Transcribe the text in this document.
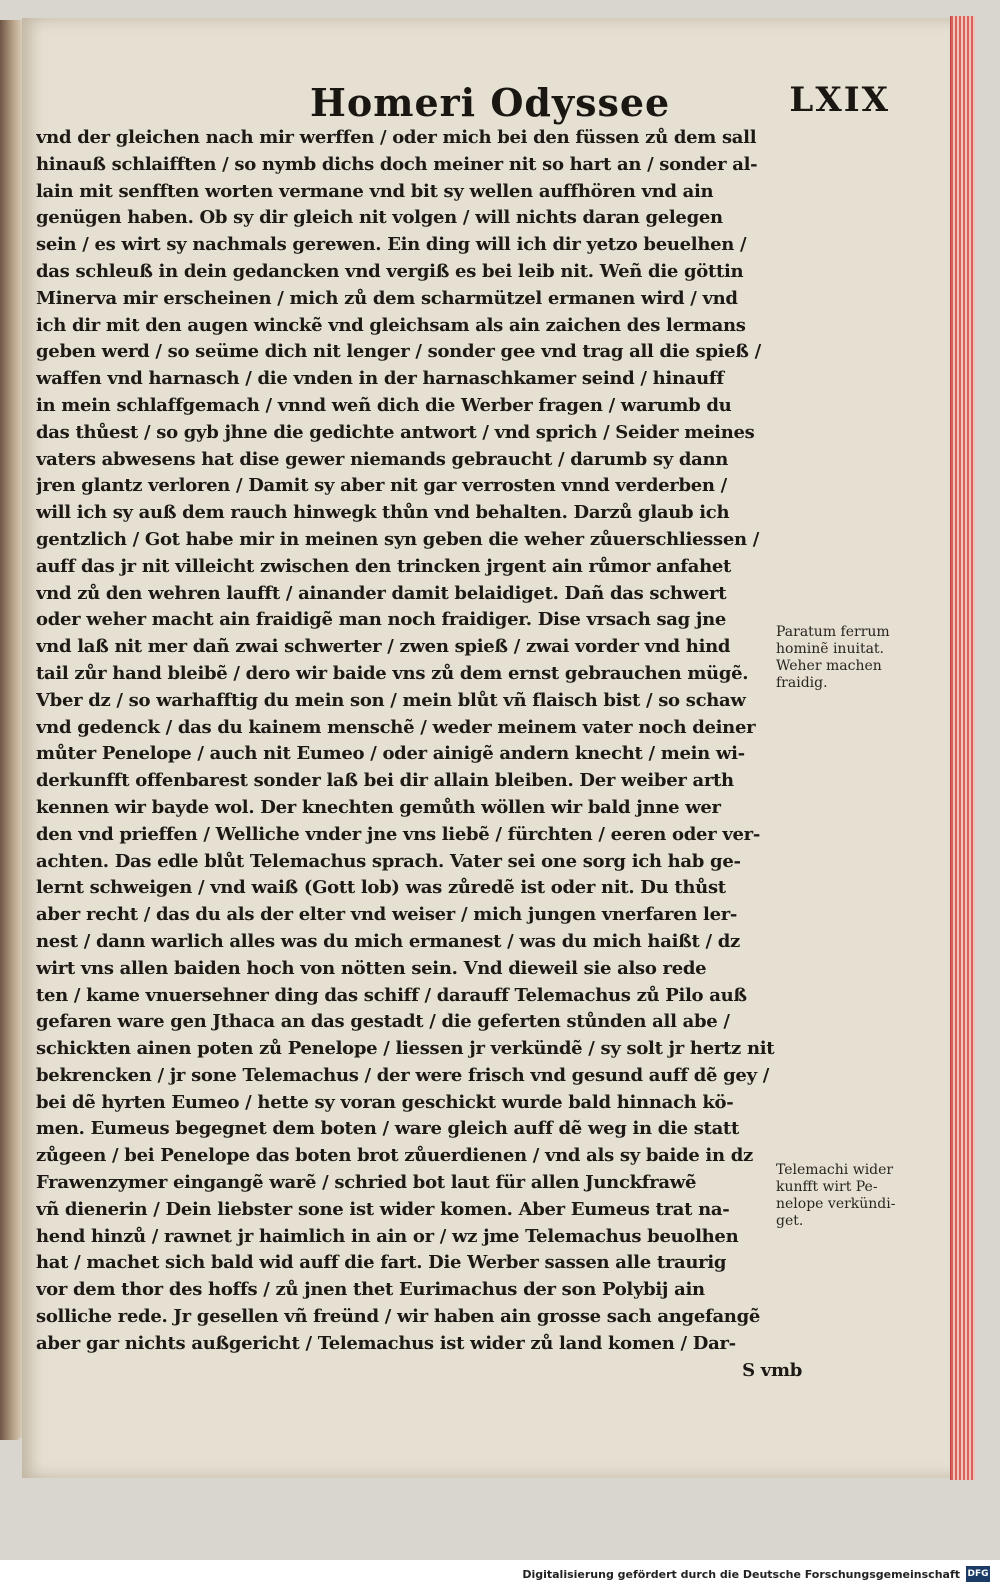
Homeri Odyssee	LXIX
vnd der gleichen nach mir werffen / oder mich bei den füssen zů dem sall
hinauß schlaifften / so nymb dichs doch meiner nit so hart an / sonder al-
lain mit senfften worten vermane vnd bit sy wellen auffhören vnd ain
genügen haben. Ob sy dir gleich nit volgen / will nichts daran gelegen
sein / es wirt sy nachmals gerewen. Ein ding will ich dir yetzo beuelhen /
das schleuß in dein gedancken vnd vergiß es bei leib nit. Weñ die göttin
Minerva mir erscheinen / mich zů dem scharmützel ermanen wird / vnd
ich dir mit den augen winckẽ vnd gleichsam als ain zaichen des lermans
geben werd / so seüme dich nit lenger / sonder gee vnd trag all die spieß /
waffen vnd harnasch / die vnden in der harnaschkamer seind / hinauff
in mein schlaffgemach / vnnd weñ dich die Werber fragen / warumb du
das thůest / so gyb jhne die gedichte antwort / vnd sprich / Seider meines
vaters abwesens hat dise gewer niemands gebraucht / darumb sy dann
jren glantz verloren / Damit sy aber nit gar verrosten vnnd verderben /
will ich sy auß dem rauch hinwegk thůn vnd behalten. Darzů glaub ich
gentzlich / Got habe mir in meinen syn geben die weher zůuerschliessen /
auff das jr nit villeicht zwischen den trincken jrgent ain růmor anfahet
vnd zů den wehren laufft / ainander damit belaidiget. Dañ das schwert
oder weher macht ain fraidigẽ man noch fraidiger. Dise vrsach sag jne
vnd laß nit mer dañ zwai schwerter / zwen spieß / zwai vorder vnd hind
tail zůr hand bleibẽ / dero wir baide vns zů dem ernst gebrauchen mügẽ.
Vber dz / so warhafftig du mein son / mein blůt vñ flaisch bist / so schaw
vnd gedenck / das du kainem menschẽ / weder meinem vater noch deiner
můter Penelope / auch nit Eumeo / oder ainigẽ andern knecht / mein wi-
derkunfft offenbarest sonder laß bei dir allain bleiben. Der weiber arth
kennen wir bayde wol. Der knechten gemůth wöllen wir bald jnne wer
den vnd prieffen / Welliche vnder jne vns liebẽ / fürchten / eeren oder ver-
achten. Das edle blůt Telemachus sprach. Vater sei one sorg ich hab ge-
lernt schweigen / vnd waiß (Gott lob) was zůredẽ ist oder nit. Du thůst
aber recht / das du als der elter vnd weiser / mich jungen vnerfaren ler-
nest / dann warlich alles was du mich ermanest / was du mich haißt / dz
wirt vns allen baiden hoch von nötten sein. Vnd dieweil sie also rede
ten / kame vnuersehner ding das schiff / darauff Telemachus zů Pilo auß
gefaren ware gen Jthaca an das gestadt / die geferten stůnden all abe /
schickten ainen poten zů Penelope / liessen jr verkündẽ / sy solt jr hertz nit
bekrencken / jr sone Telemachus / der were frisch vnd gesund auff dẽ gey /
bei dẽ hyrten Eumeo / hette sy voran geschickt wurde bald hinnach kö-
men. Eumeus begegnet dem boten / ware gleich auff dẽ weg in die statt
zůgeen / bei Penelope das boten brot zůuerdienen / vnd als sy baide in dz
Frawenzymer eingangẽ warẽ / schried bot laut für allen Junckfrawẽ
vñ dienerin / Dein liebster sone ist wider komen. Aber Eumeus trat na-
hend hinzů / rawnet jr haimlich in ain or / wz jme Telemachus beuolhen
hat / machet sich bald wid auff die fart. Die Werber sassen alle traurig
vor dem thor des hoffs / zů jnen thet Eurimachus der son Polybij ain
solliche rede. Jr gesellen vñ freünd / wir haben ain grosse sach angefangẽ
aber gar nichts außgericht / Telemachus ist wider zů land komen / Dar-
S vmb
Paratum ferrum
hominẽ inuitat.
Weher machen
fraidig.
Telemachi wider
kunfft wirt Pe-
nelope verkündi-
get.
Digitalisierung gefördert durch die Deutsche Forschungsgemeinschaft DFG
